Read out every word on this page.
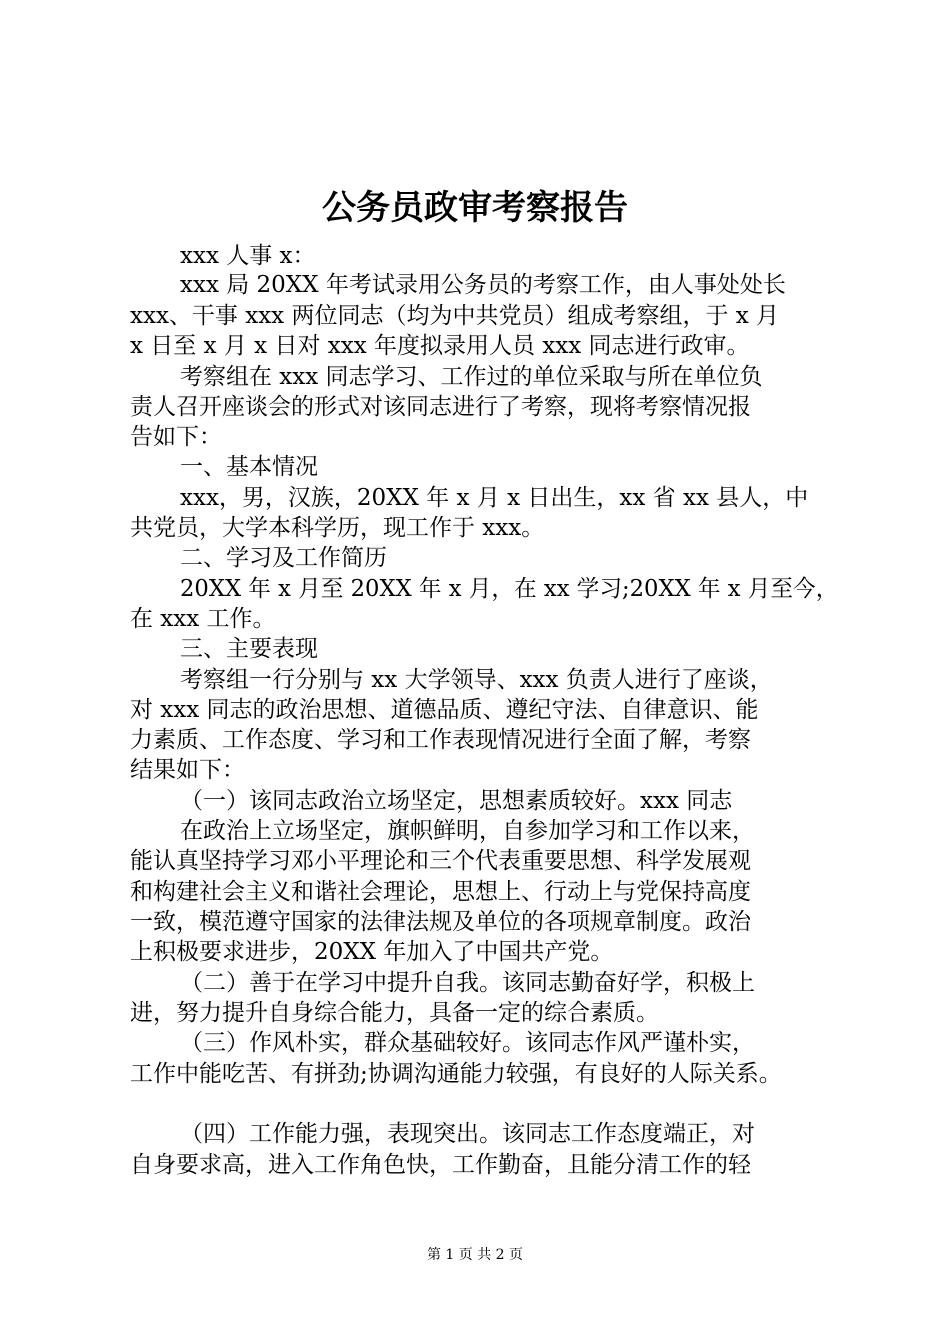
公务员政审考察报告
xxx 人事 x：
xxx 局 20XX 年考试录用公务员的考察工作，由人事处处长
xxx、干事 xxx 两位同志（均为中共党员）组成考察组，于 x 月
x 日至 x 月 x 日对 xxx 年度拟录用人员 xxx 同志进行政审。
考察组在 xxx 同志学习、工作过的单位采取与所在单位负
责人召开座谈会的形式对该同志进行了考察，现将考察情况报
告如下：
一、基本情况
xxx，男，汉族，20XX 年 x 月 x 日出生，xx 省 xx 县人，中
共党员，大学本科学历，现工作于 xxx。
二、学习及工作简历
20XX 年 x 月至 20XX 年 x 月，在 xx 学习;20XX 年 x 月至今，
在 xxx 工作。
三、主要表现
考察组一行分别与 xx 大学领导、xxx 负责人进行了座谈，
对 xxx 同志的政治思想、道德品质、遵纪守法、自律意识、能
力素质、工作态度、学习和工作表现情况进行全面了解，考察
结果如下：
（一）该同志政治立场坚定，思想素质较好。xxx 同志
在政治上立场坚定，旗帜鲜明，自参加学习和工作以来，
能认真坚持学习邓小平理论和三个代表重要思想、科学发展观
和构建社会主义和谐社会理论，思想上、行动上与党保持高度
一致，模范遵守国家的法律法规及单位的各项规章制度。政治
上积极要求进步，20XX 年加入了中国共产党。
（二）善于在学习中提升自我。该同志勤奋好学，积极上
进，努力提升自身综合能力，具备一定的综合素质。
（三）作风朴实，群众基础较好。该同志作风严谨朴实，
工作中能吃苦、有拼劲;协调沟通能力较强，有良好的人际关系。
（四）工作能力强，表现突出。该同志工作态度端正，对
自身要求高，进入工作角色快，工作勤奋，且能分清工作的轻
第 1 页 共 2 页
